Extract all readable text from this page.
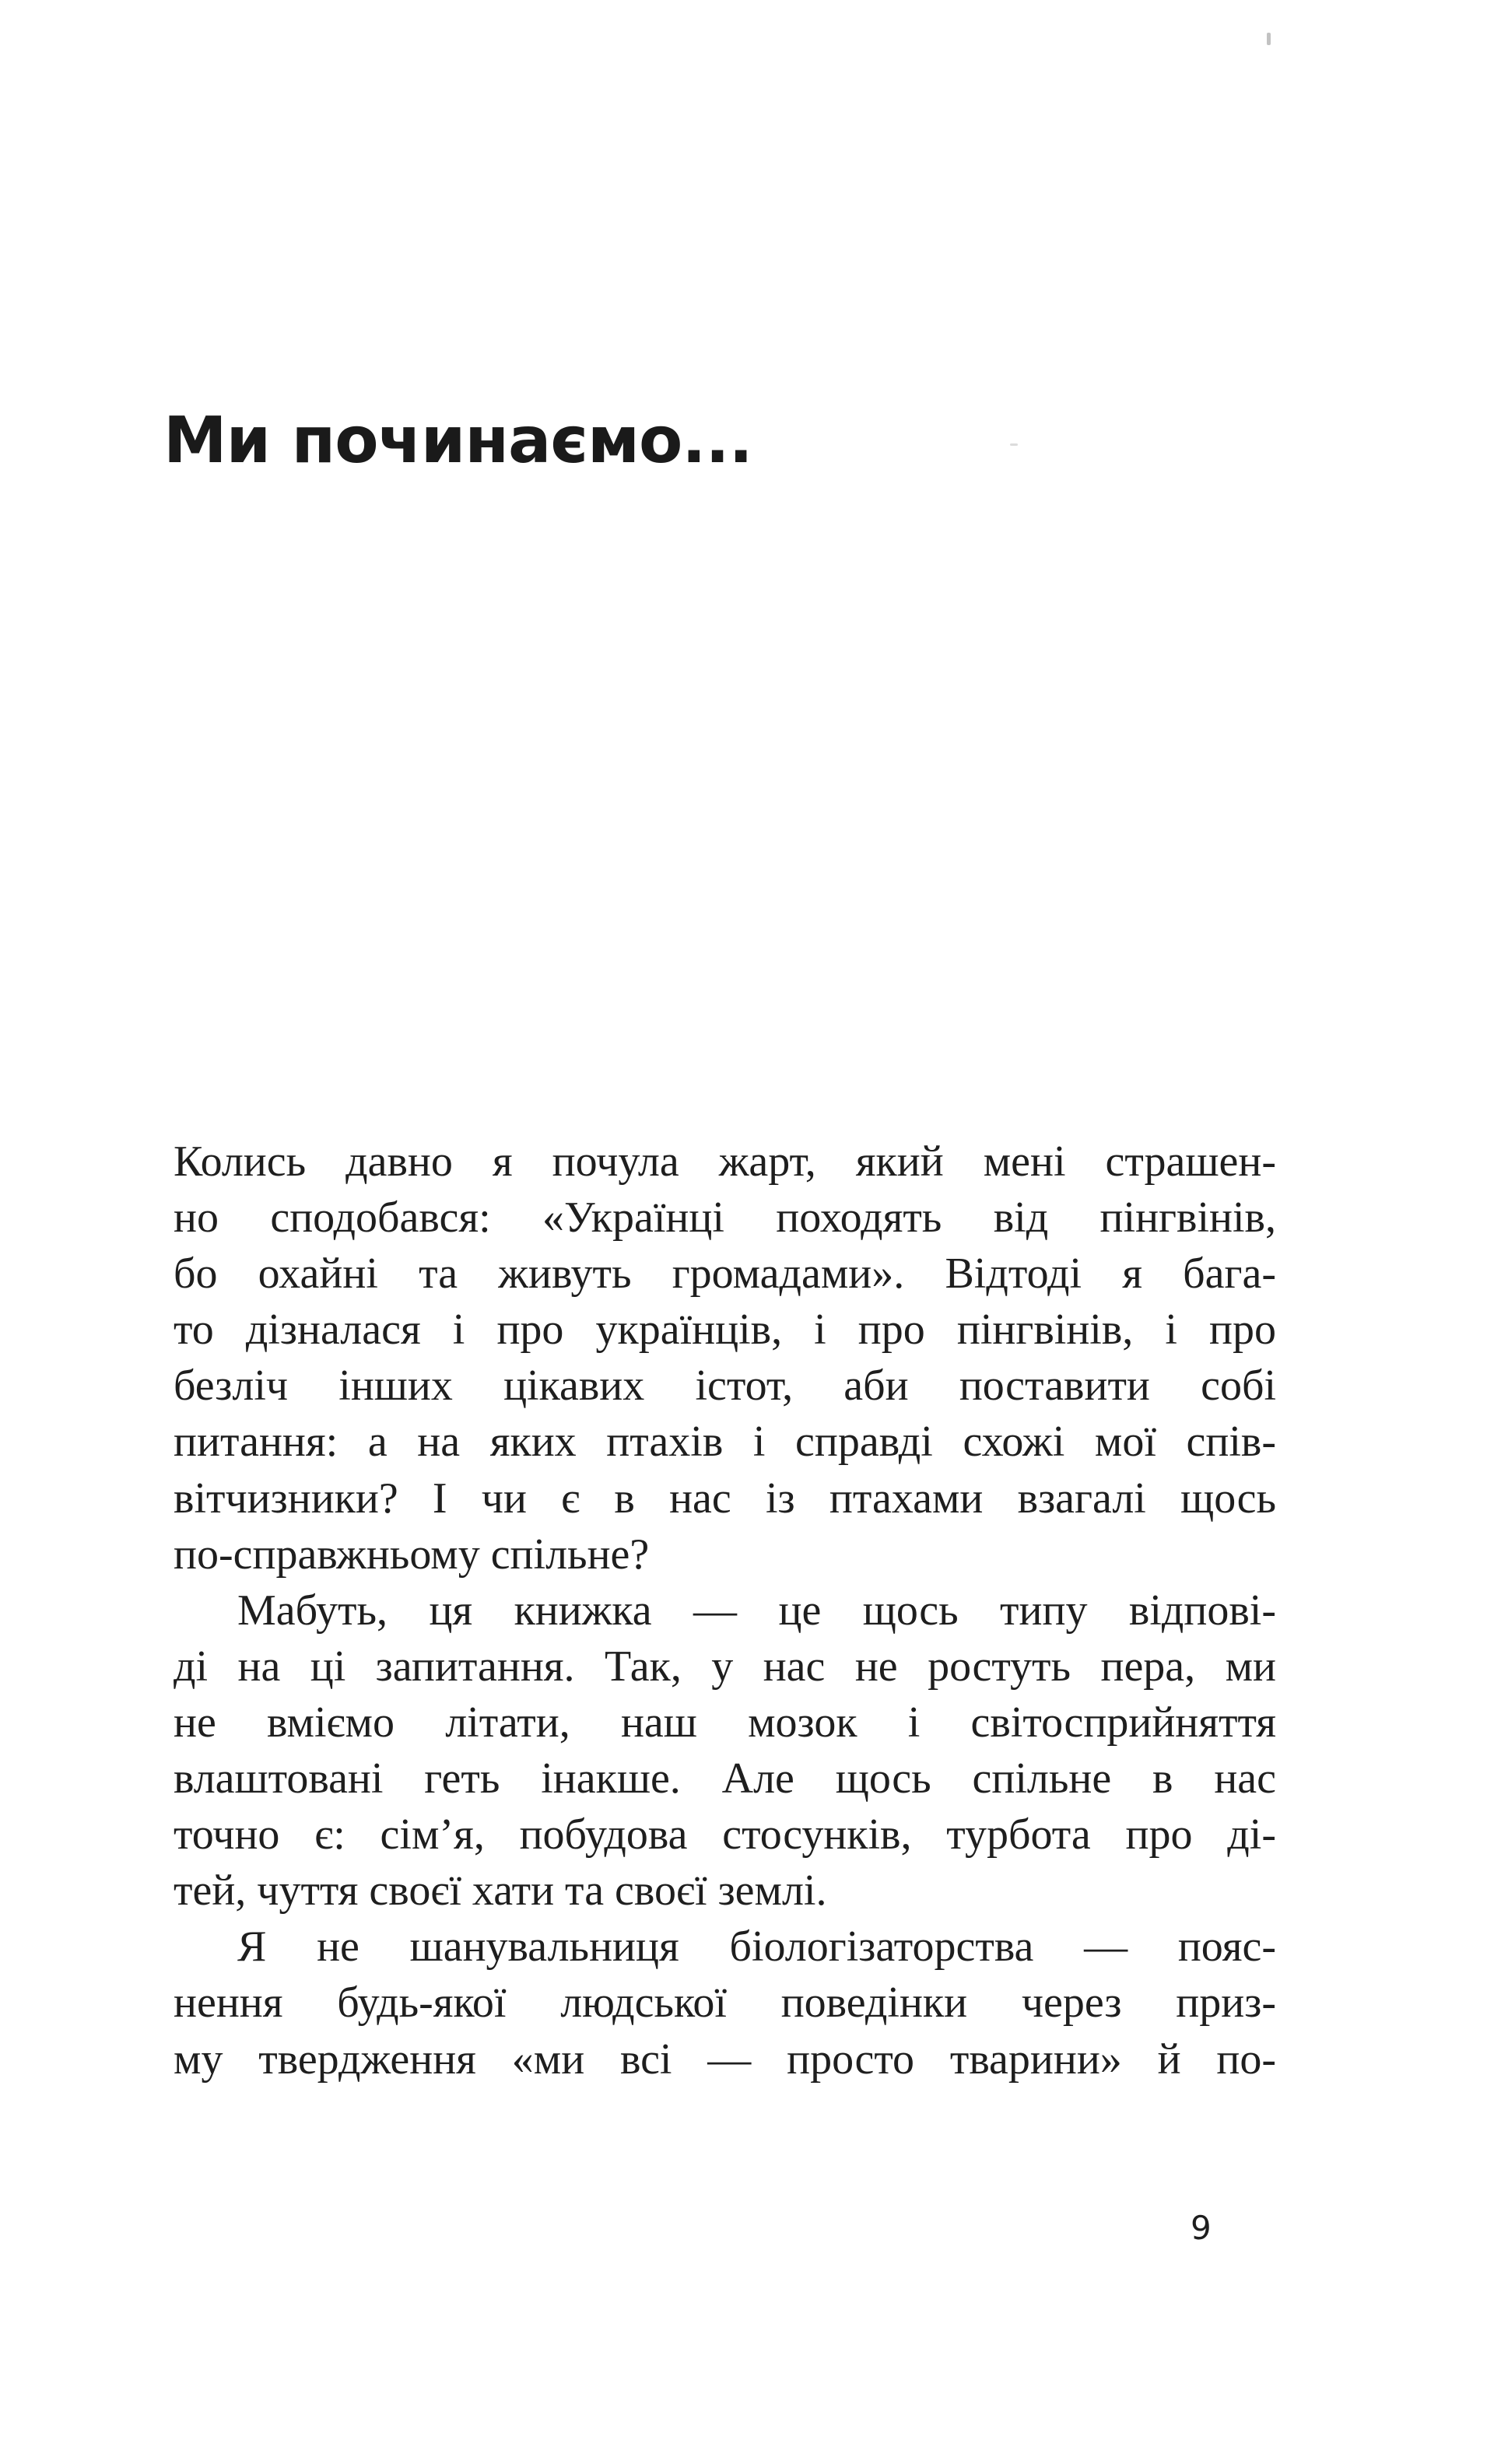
Ми починаємо...
Колись давно я почула жарт, який мені страшен-
но сподобався: «Українці походять від пінгвінів,
бо охайні та живуть громадами». Відтоді я бага-
то дізналася і про українців, і про пінгвінів, і про
безліч інших цікавих істот, аби поставити собі
питання: а на яких птахів і справді схожі мої спів-
вітчизники? І чи є в нас із птахами взагалі щось
по-справжньому спільне?
Мабуть, ця книжка — це щось типу відпові-
ді на ці запитання. Так, у нас не ростуть пера, ми
не вміємо літати, наш мозок і світосприйняття
влаштовані геть інакше. Але щось спільне в нас
точно є: сім’я, побудова стосунків, турбота про ді-
тей, чуття своєї хати та своєї землі.
Я не шанувальниця біологізаторства — пояс-
нення будь-якої людської поведінки через приз-
му твердження «ми всі — просто тварини» й по-
9
